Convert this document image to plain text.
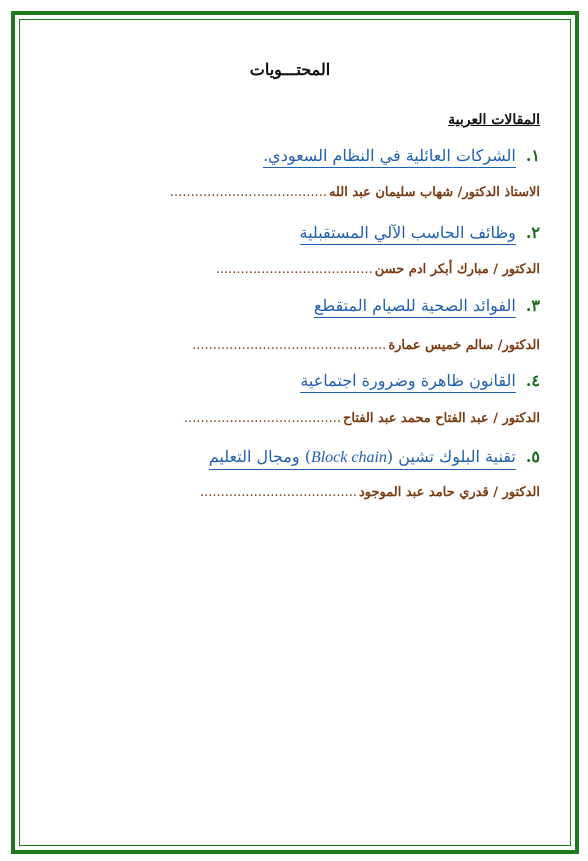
المحتـــويات
المقالات العربية
١.
الشركات العائلية في النظام السعودي.
الاستاذ الدكتور/ شهاب سليمان عبد الله
......................................
٢.
وظائف الحاسب الآلي المستقبلية
الدكتور / مبارك أبكر ادم حسن
......................................
٣.
الفوائد الصحية للصيام المتقطع
الدكتور/ سالم خميس عمارة
...............................................
٤.
القانون ظاهرة وضرورة اجتماعية
الدكتور / عبد الفتاح محمد عبد الفتاح
......................................
٥.
تقنية البلوك تشين (Block chain) ومجال التعليم
الدكتور / قدري حامد عبد الموجود
......................................
